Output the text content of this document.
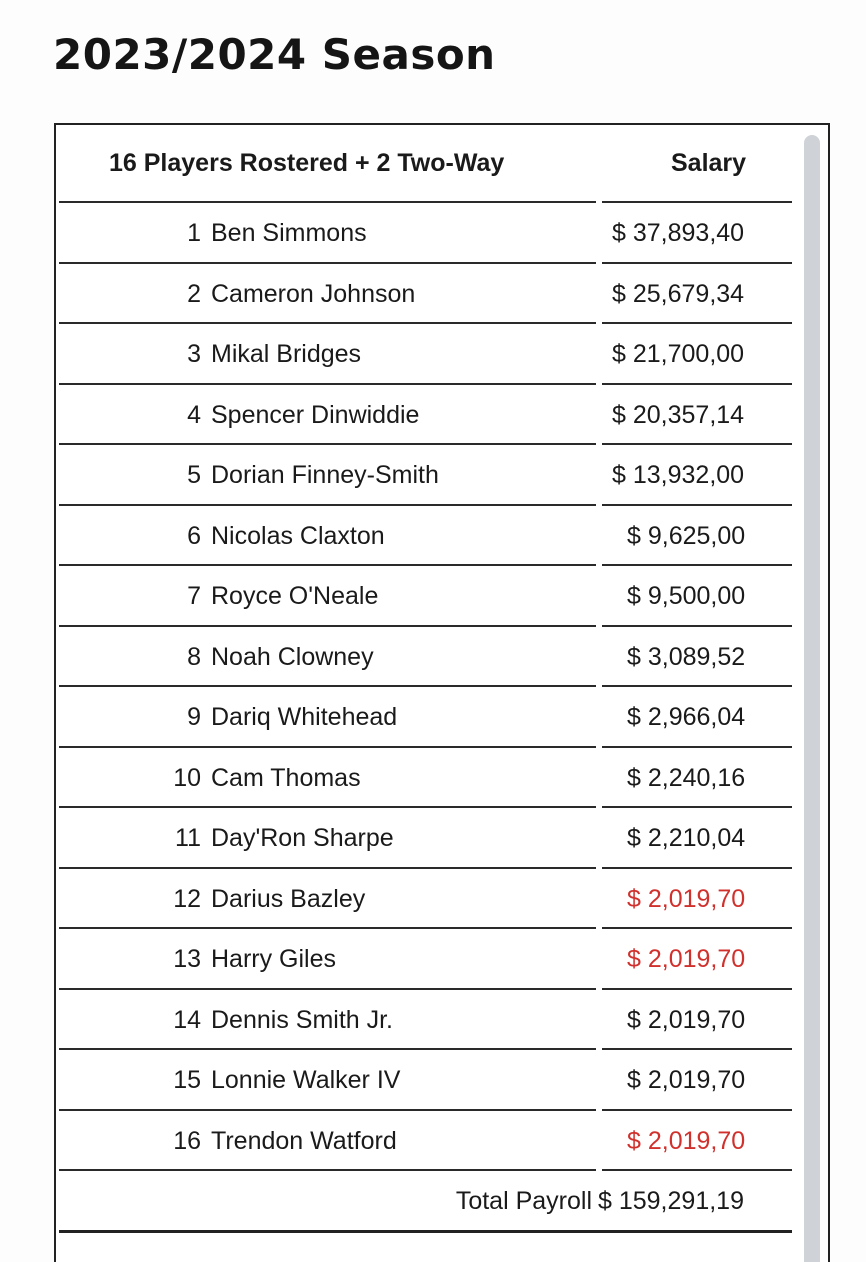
2023/2024 Season
16 Players Rostered + 2 Two-Way	Salary
1 Ben Simmons	$ 37,893,40
2 Cameron Johnson	$ 25,679,34
3 Mikal Bridges	$ 21,700,00
4 Spencer Dinwiddie	$ 20,357,14
5 Dorian Finney-Smith	$ 13,932,00
6 Nicolas Claxton	$ 9,625,00
7 Royce O'Neale	$ 9,500,00
8 Noah Clowney	$ 3,089,52
9 Dariq Whitehead	$ 2,966,04
10 Cam Thomas	$ 2,240,16
11 Day'Ron Sharpe	$ 2,210,04
12 Darius Bazley	$ 2,019,70
13 Harry Giles	$ 2,019,70
14 Dennis Smith Jr.	$ 2,019,70
15 Lonnie Walker IV	$ 2,019,70
16 Trendon Watford	$ 2,019,70
Total Payroll $ 159,291,19
